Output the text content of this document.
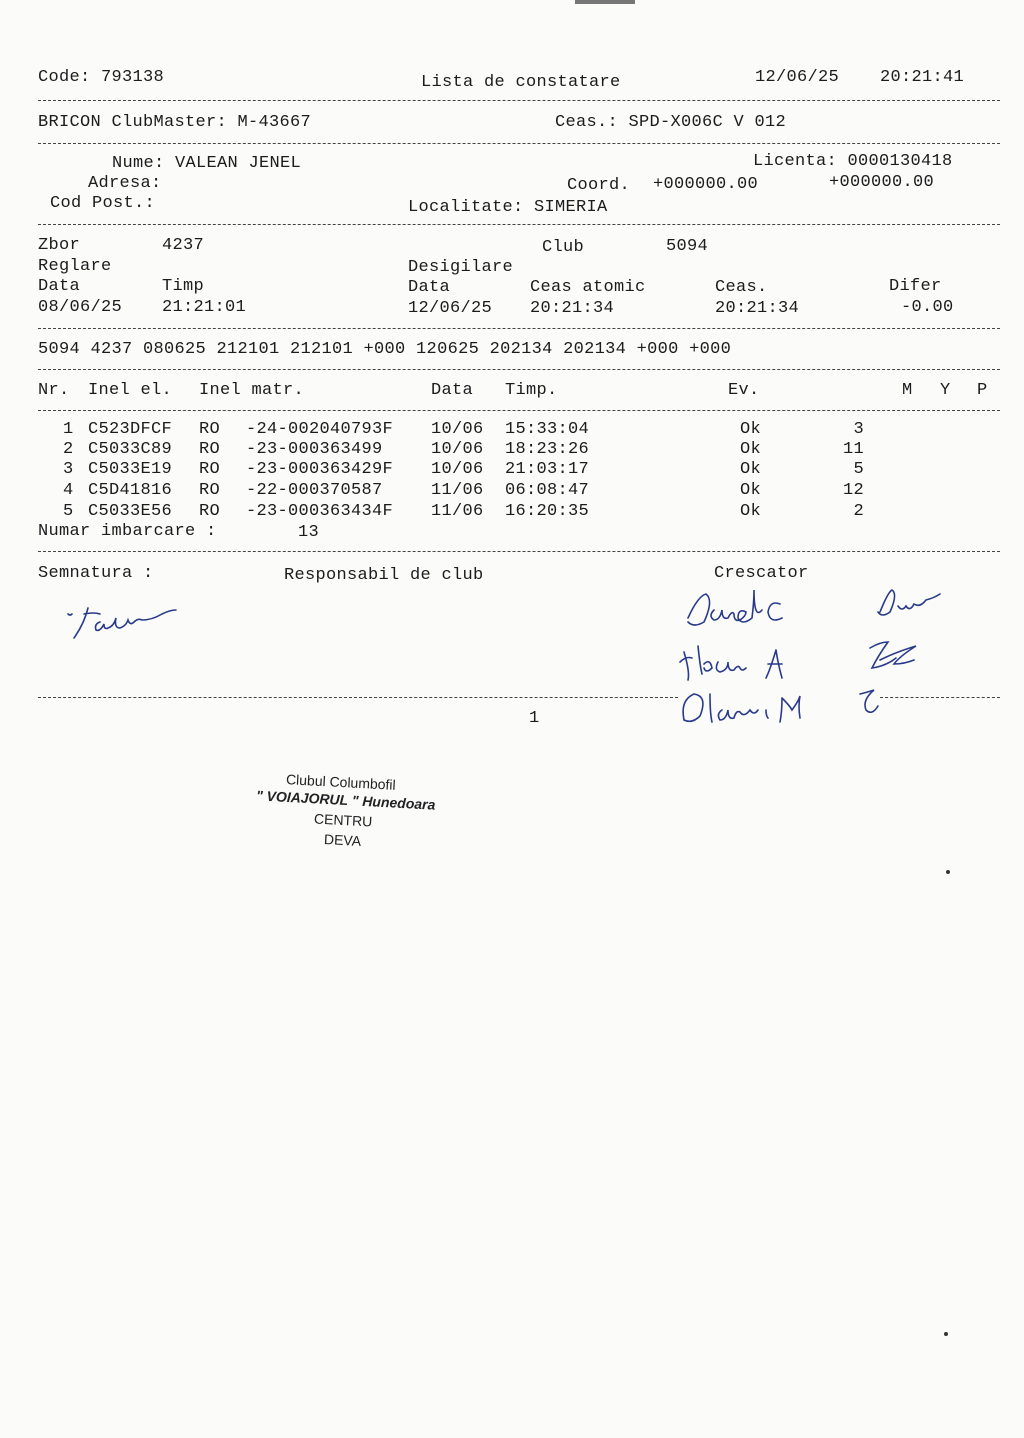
Code: 793138	Lista de constatare	12/06/25 20:21:41
BRICON ClubMaster: M-43667	Ceas.: SPD-X006C V 012
Nume: VALEAN JENEL	Licenta: 0000130418
Adresa:	Coord. +000000.00	+000000.00
Cod Post.:	Localitate: SIMERIA
Zbor	4237	Club	5094
Reglare	Desigilare
Data	Timp	Data	Ceas atomic	Ceas.	Difer
08/06/25 21:21:01	12/06/25 20:21:34	20:21:34	-0.00
5094 4237 080625 212101 212101 +000 120625 202134 202134 +000 +000
Nr. Inel el. Inel matr.	Data Timp.	Ev.	M Y P
1 C523DFCF RO -24-002040793F 10/06 15:33:04	Ok	3
2 C5033C89 RO -23-000363499	10/06 18:23:26	Ok	11
3 C5033E19 RO -23-000363429F 10/06 21:03:17	Ok	5
4 C5D41816 RO -22-000370587	11/06 06:08:47	Ok	12
5 C5033E56 RO -23-000363434F 11/06 16:20:35	Ok	2
Numar imbarcare :	13
Semnatura :	Responsabil de club	Crescator
1
Clubul Columbofil
" VOIAJORUL " Hunedoara
CENTRU
DEVA
